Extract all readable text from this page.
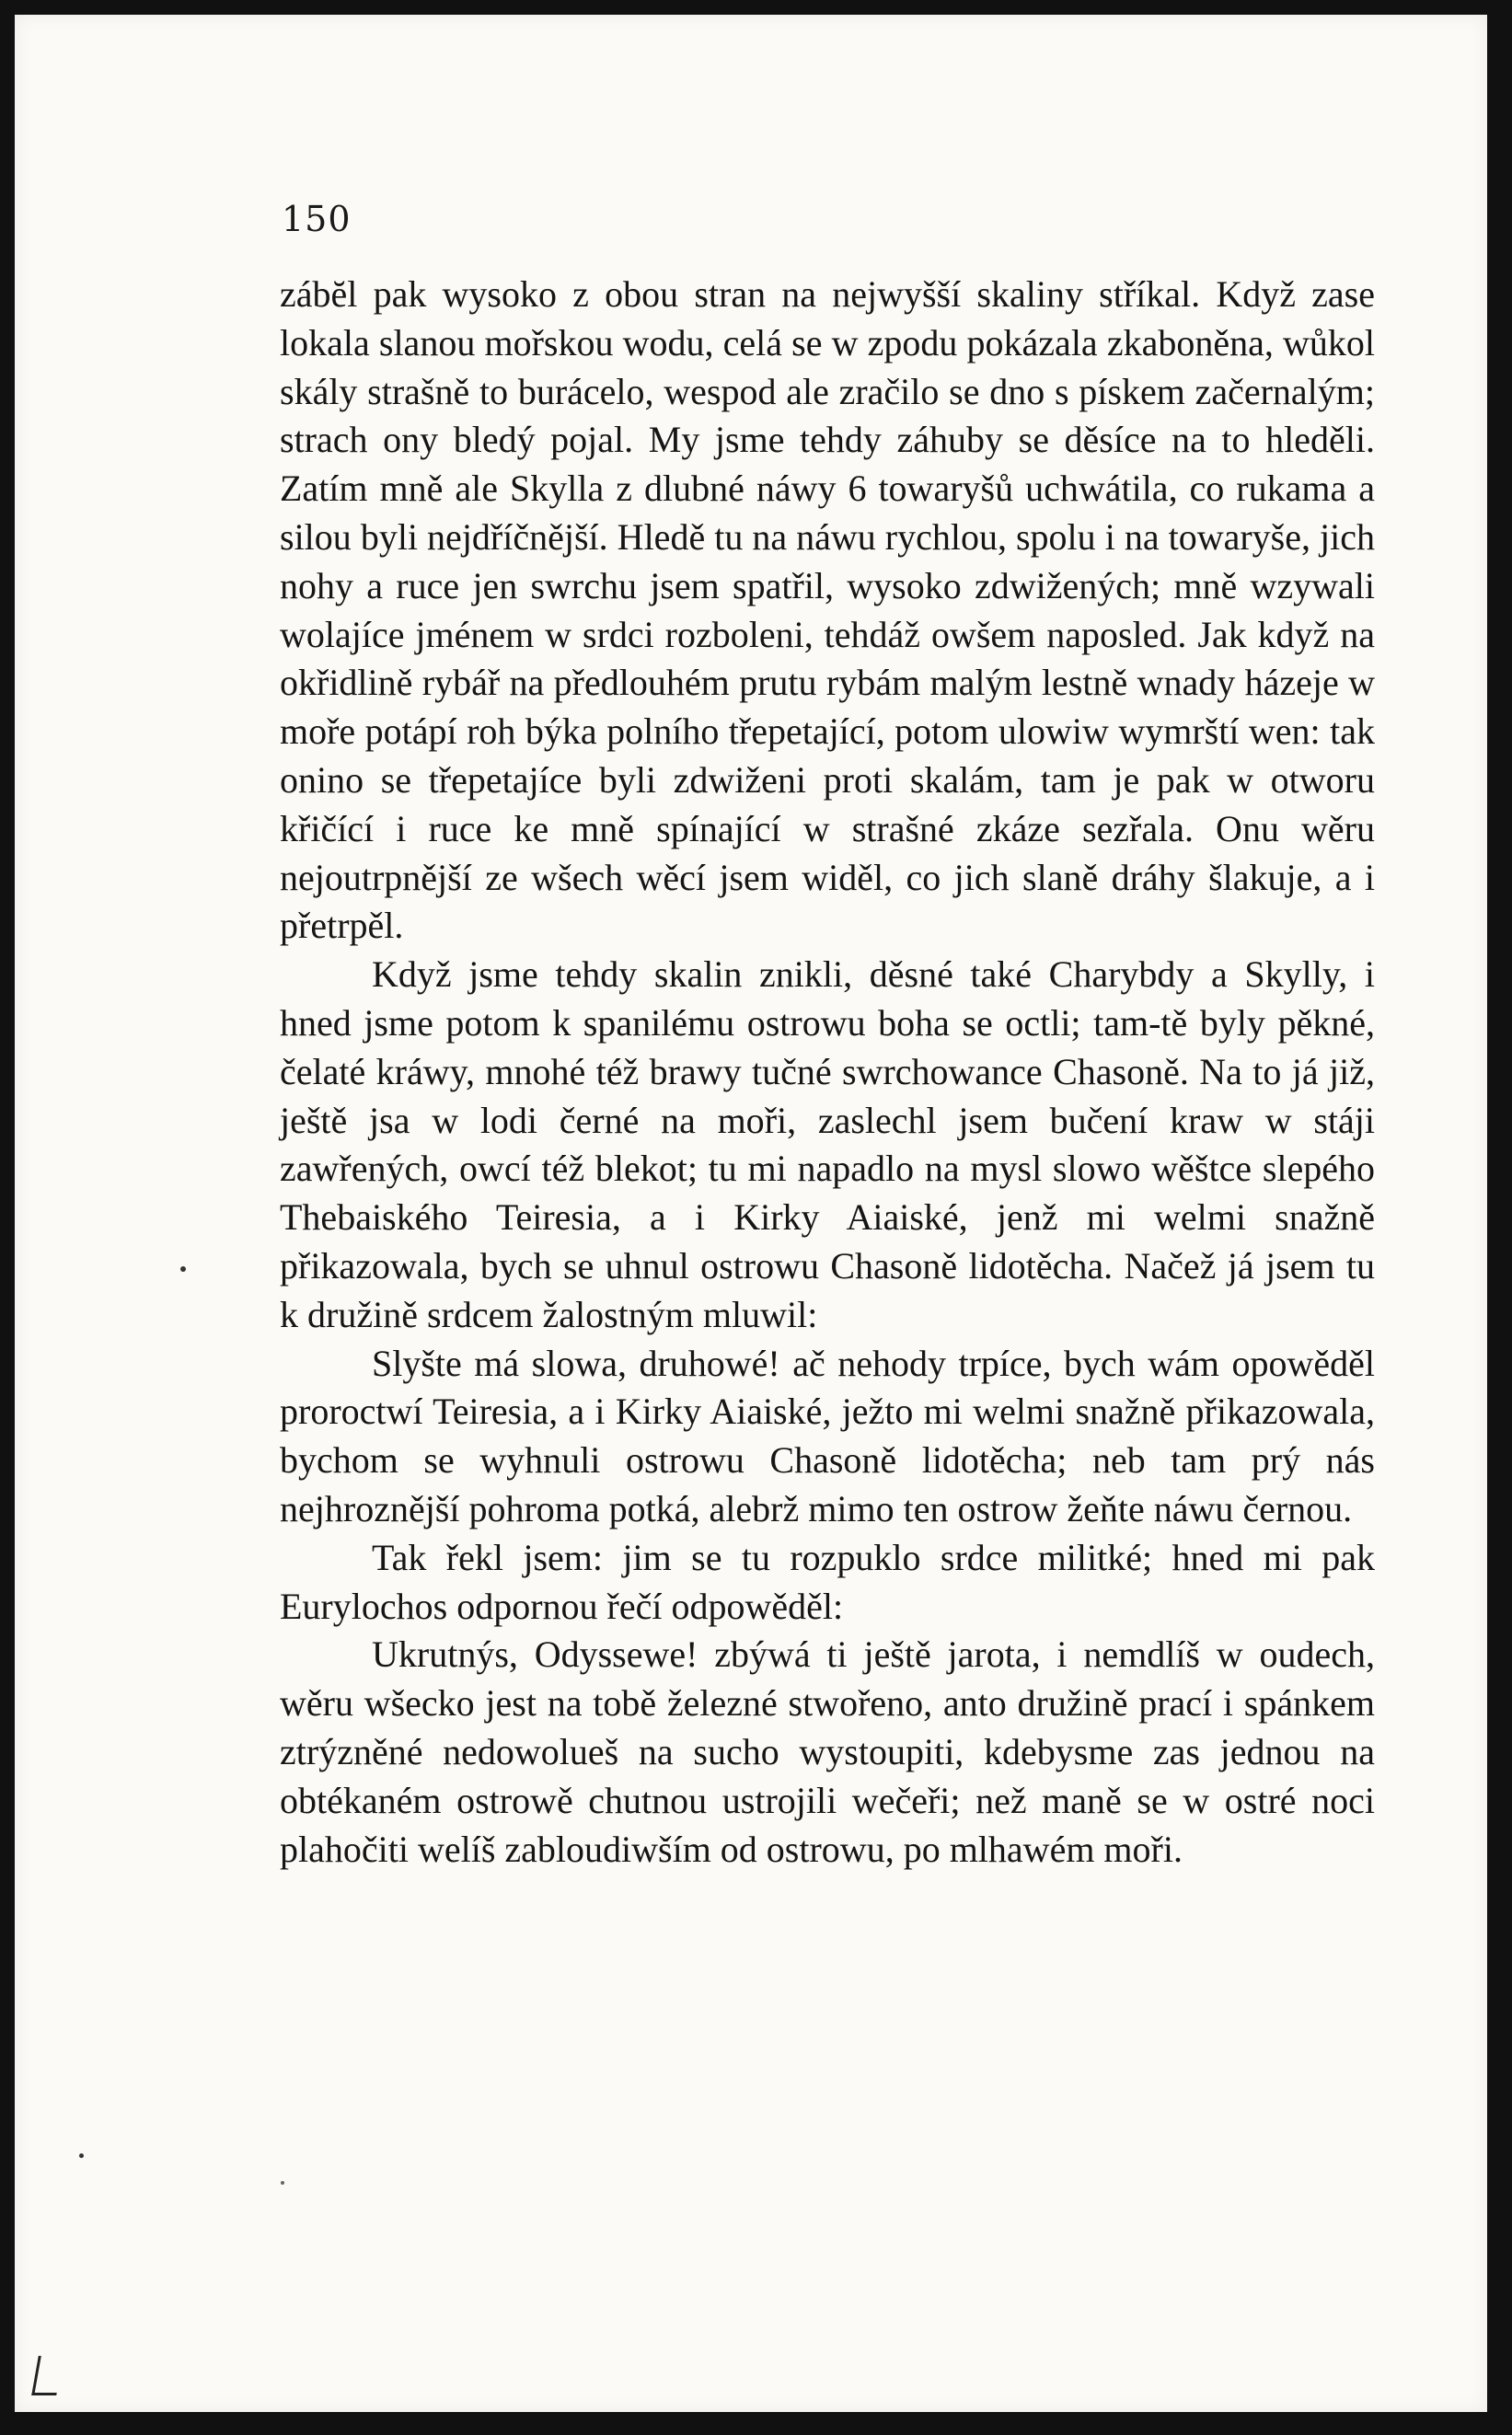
150

zábĕl pak wysoko z obou stran na nejwyšší skaliny stříkal. Když zase lokala slanou mořskou wodu, celá se w zpodu pokázala zkaboněna, wůkol skály strašně to burácelo, wespod ale zračilo se dno s pískem začernalým; strach ony bledý pojal. My jsme tehdy záhuby se děsíce na to hleděli. Zatím mně ale Skylla z dlubné náwy 6 towaryšů uchwátila, co rukama a silou byli nejdříčnější. Hledě tu na náwu rychlou, spolu i na towaryše, jich nohy a ruce jen swrchu jsem spatřil, wysoko zdwižených; mně wzywali wolajíce jménem w srdci rozboleni, tehdáž owšem naposled. Jak když na okřidlině rybář na předlouhém prutu rybám malým lestně wnady házeje w moře potápí roh býka polního třepetající, potom ulowiw wymrští wen: tak onino se třepetajíce byli zdwiženi proti skalám, tam je pak w otworu křičící i ruce ke mně spínající w strašné zkáze sezřala. Onu wěru nejoutrpnější ze wšech wěcí jsem widěl, co jich slaně dráhy šlakuje, a i přetrpěl.

Když jsme tehdy skalin znikli, děsné také Charybdy a Skylly, i hned jsme potom k spanilému ostrowu boha se octli; tam-tě byly pěkné, čelaté kráwy, mnohé též brawy tučné swrchowance Chasoně. Na to já již, ještě jsa w lodi černé na moři, zaslechl jsem bučení kraw w stáji zawřených, owcí též blekot; tu mi napadlo na mysl slowo wěštce slepého Thebaiského Teiresia, a i Kirky Aiaiské, jenž mi welmi snažně přikazowala, bych se uhnul ostrowu Chasoně lidotěcha. Načež já jsem tu k družině srdcem žalostným mluwil:

Slyšte má slowa, druhowé! ač nehody trpíce, bych wám opowěděl proroctwí Teiresia, a i Kirky Aiaiské, ježto mi welmi snažně přikazowala, bychom se wyhnuli ostrowu Chasoně lidotěcha; neb tam prý nás nejhroznější pohroma potká, alebrž mimo ten ostrow žeňte náwu černou.

Tak řekl jsem: jim se tu rozpuklo srdce militké; hned mi pak Eurylochos odpornou řečí odpowěděl:

Ukrutnýs, Odyssewe! zbýwá ti ještě jarota, i nemdlíš w oudech, wěru wšecko jest na tobě železné stwořeno, anto družině prací i spánkem ztrýzněné nedowolueš na sucho wystoupiti, kdebysme zas jednou na obtékaném ostrowě chutnou ustrojili wečeři; než maně se w ostré noci plahočiti welíš zabloudiwším od ostrowu, po mlhawém moři.
